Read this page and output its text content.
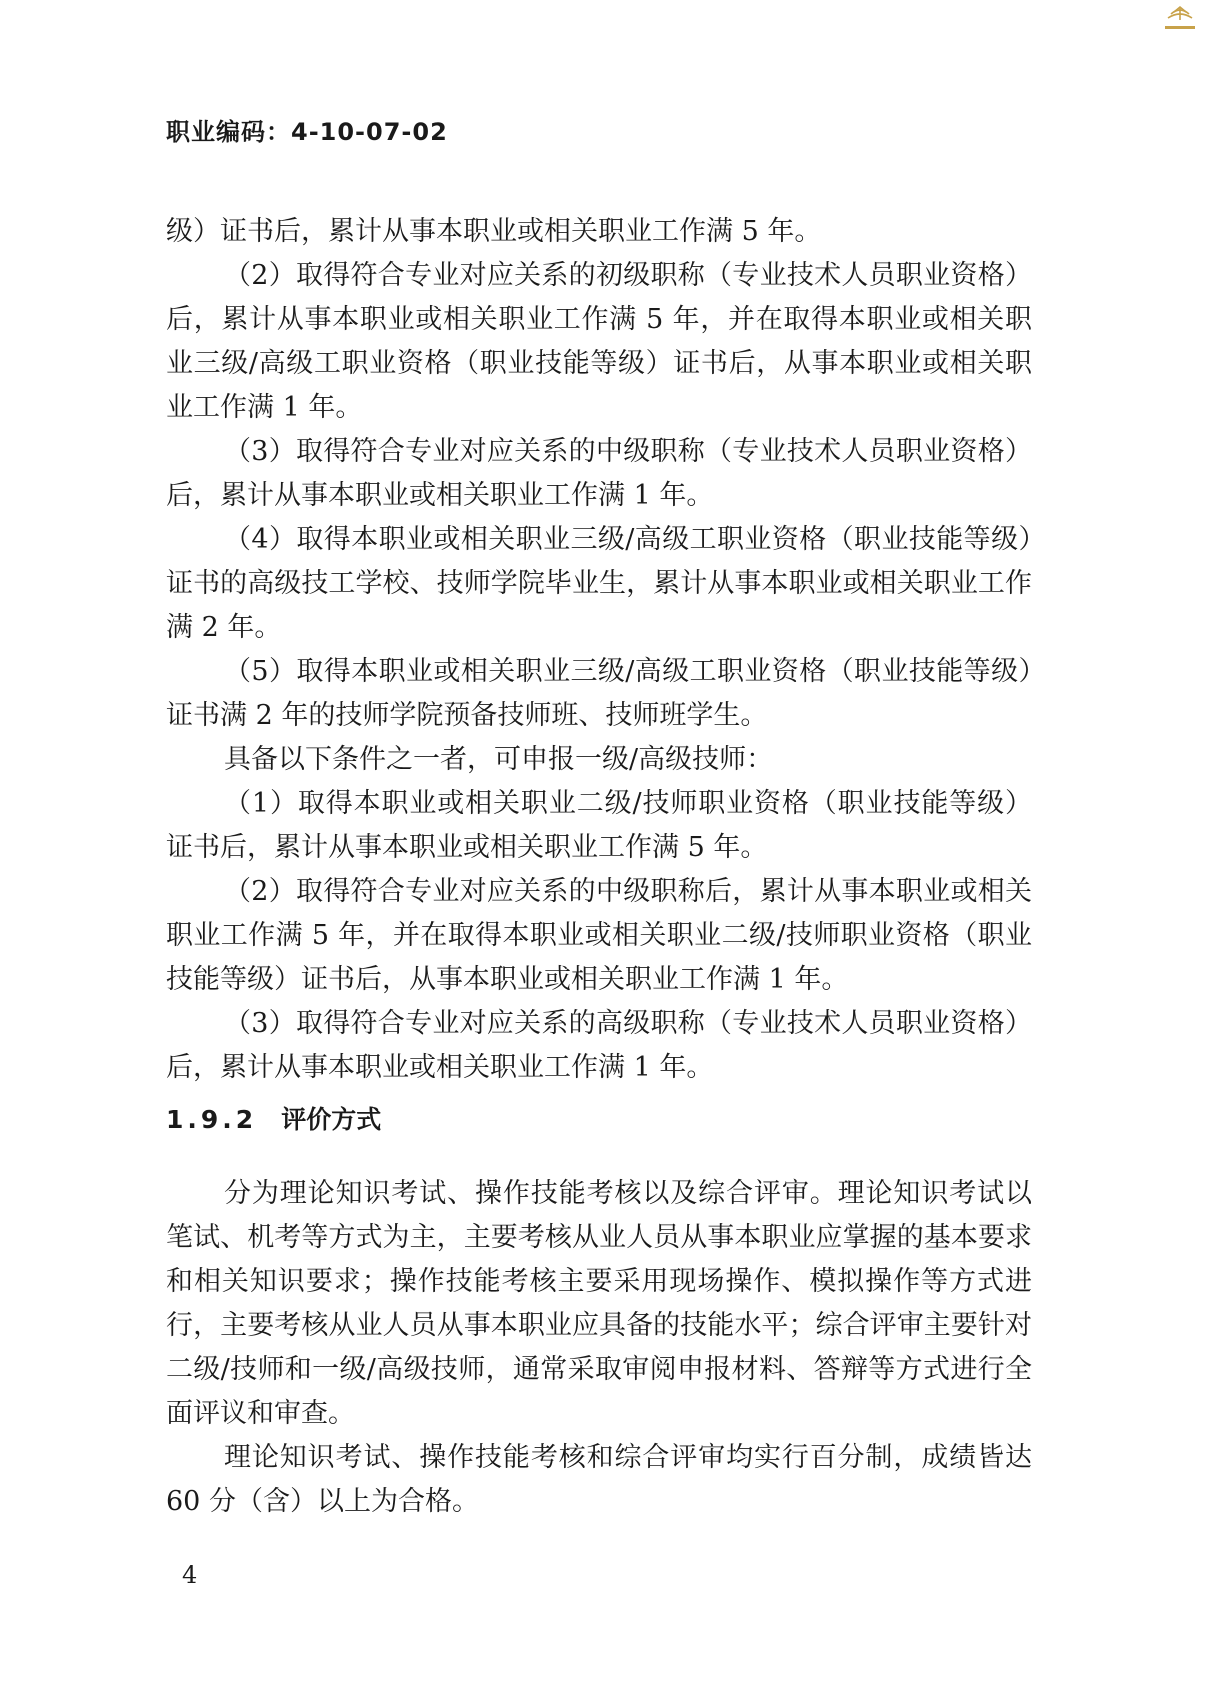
职业编码：4-10-07-02

级）证书后，累计从事本职业或相关职业工作满 5 年。

（2）取得符合专业对应关系的初级职称（专业技术人员职业资格）后，累计从事本职业或相关职业工作满 5 年，并在取得本职业或相关职业三级/高级工职业资格（职业技能等级）证书后，从事本职业或相关职业工作满 1 年。

（3）取得符合专业对应关系的中级职称（专业技术人员职业资格）后，累计从事本职业或相关职业工作满 1 年。

（4）取得本职业或相关职业三级/高级工职业资格（职业技能等级）证书的高级技工学校、技师学院毕业生，累计从事本职业或相关职业工作满 2 年。

（5）取得本职业或相关职业三级/高级工职业资格（职业技能等级）证书满 2 年的技师学院预备技师班、技师班学生。

具备以下条件之一者，可申报一级/高级技师：

（1）取得本职业或相关职业二级/技师职业资格（职业技能等级）证书后，累计从事本职业或相关职业工作满 5 年。

（2）取得符合专业对应关系的中级职称后，累计从事本职业或相关职业工作满 5 年，并在取得本职业或相关职业二级/技师职业资格（职业技能等级）证书后，从事本职业或相关职业工作满 1 年。

（3）取得符合专业对应关系的高级职称（专业技术人员职业资格）后，累计从事本职业或相关职业工作满 1 年。

1.9.2 评价方式

分为理论知识考试、操作技能考核以及综合评审。理论知识考试以笔试、机考等方式为主，主要考核从业人员从事本职业应掌握的基本要求和相关知识要求；操作技能考核主要采用现场操作、模拟操作等方式进行，主要考核从业人员从事本职业应具备的技能水平；综合评审主要针对二级/技师和一级/高级技师，通常采取审阅申报材料、答辩等方式进行全面评议和审查。

理论知识考试、操作技能考核和综合评审均实行百分制，成绩皆达 60 分（含）以上为合格。

4
